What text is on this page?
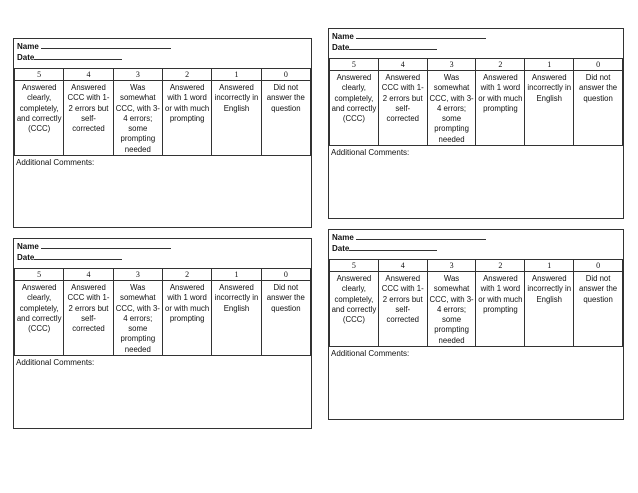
Name
Date
5	4	3	2	1	0
Answered clearly, completely, and correctly (CCC)	Answered CCC with 1-2 errors but self-corrected	Was somewhat CCC, with 3-4 errors; some prompting needed	Answered with 1 word or with much prompting	Answered incorrectly in English	Did not answer the question
Additional Comments:
Name
Date
5	4	3	2	1	0
Answered clearly, completely, and correctly (CCC)	Answered CCC with 1-2 errors but self-corrected	Was somewhat CCC, with 3-4 errors; some prompting needed	Answered with 1 word or with much prompting	Answered incorrectly in English	Did not answer the question
Additional Comments:
Name
Date
5	4	3	2	1	0
Answered clearly, completely, and correctly (CCC)	Answered CCC with 1-2 errors but self-corrected	Was somewhat CCC, with 3-4 errors; some prompting needed	Answered with 1 word or with much prompting	Answered incorrectly in English	Did not answer the question
Additional Comments:
Name
Date
5	4	3	2	1	0
Answered clearly, completely, and correctly (CCC)	Answered CCC with 1-2 errors but self-corrected	Was somewhat CCC, with 3-4 errors; some prompting needed	Answered with 1 word or with much prompting	Answered incorrectly in English	Did not answer the question
Additional Comments:
